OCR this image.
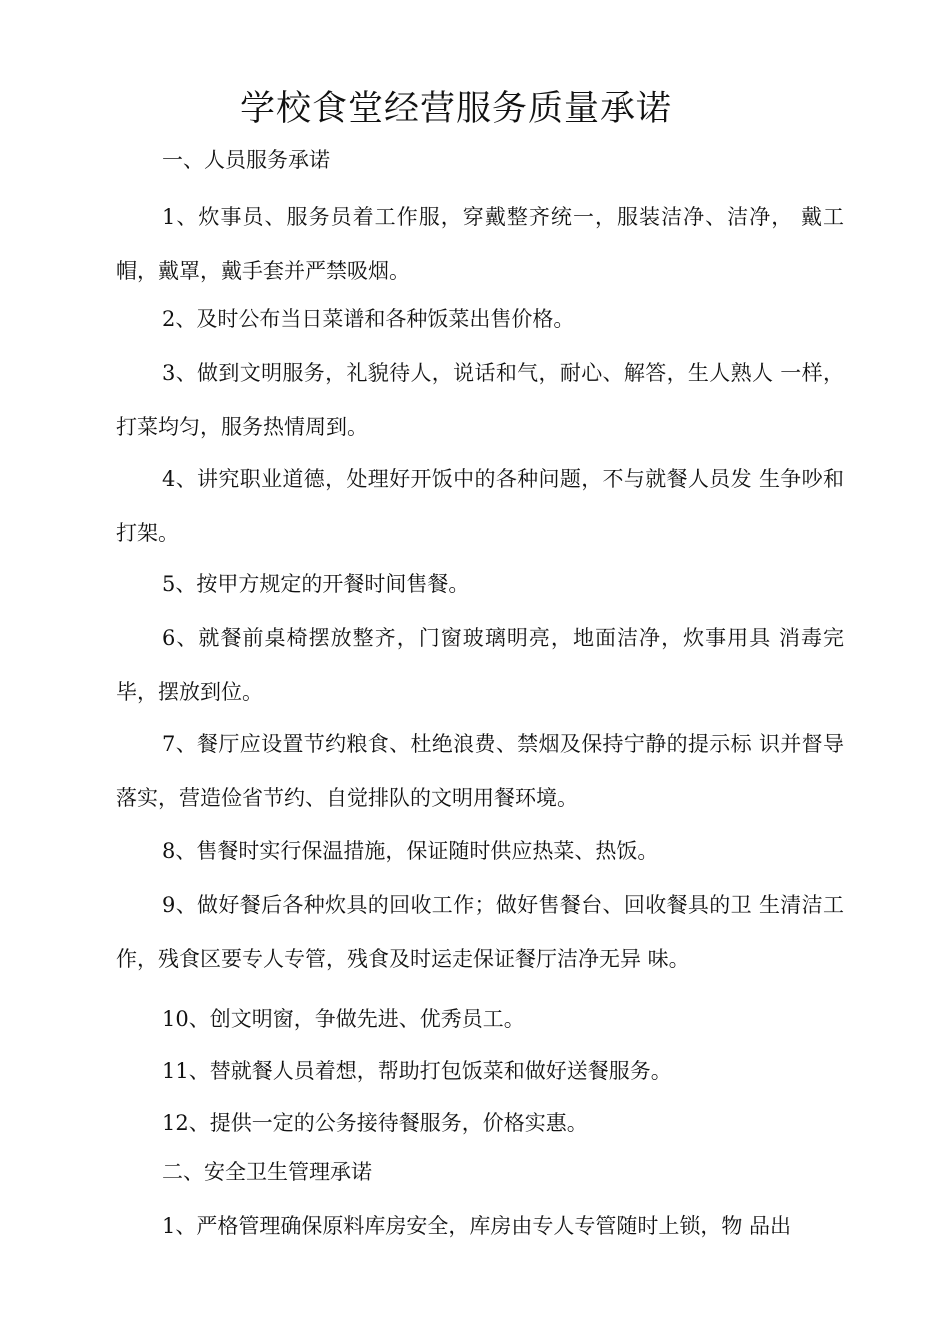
学校食堂经营服务质量承诺
一、人员服务承诺
1、炊事员、服务员着工作服，穿戴整齐统一，服装洁净、洁净， 戴工帽，戴罩，戴手套并严禁吸烟。
2、及时公布当日菜谱和各种饭菜出售价格。
3、做到文明服务，礼貌待人，说话和气，耐心、解答，生人熟人 一样，打菜均匀，服务热情周到。
4、讲究职业道德，处理好开饭中的各种问题，不与就餐人员发 生争吵和打架。
5、按甲方规定的开餐时间售餐。
6、就餐前桌椅摆放整齐，门窗玻璃明亮，地面洁净，炊事用具 消毒完毕，摆放到位。
7、餐厅应设置节约粮食、杜绝浪费、禁烟及保持宁静的提示标 识并督导落实，营造俭省节约、自觉排队的文明用餐环境。
8、售餐时实行保温措施，保证随时供应热菜、热饭。
9、做好餐后各种炊具的回收工作；做好售餐台、回收餐具的卫 生清洁工作，残食区要专人专管，残食及时运走保证餐厅洁净无异 味。
10、创文明窗，争做先进、优秀员工。
11、替就餐人员着想，帮助打包饭菜和做好送餐服务。
12、提供一定的公务接待餐服务，价格实惠。
二、安全卫生管理承诺
1、严格管理确保原料库房安全，库房由专人专管随时上锁，物 品出
